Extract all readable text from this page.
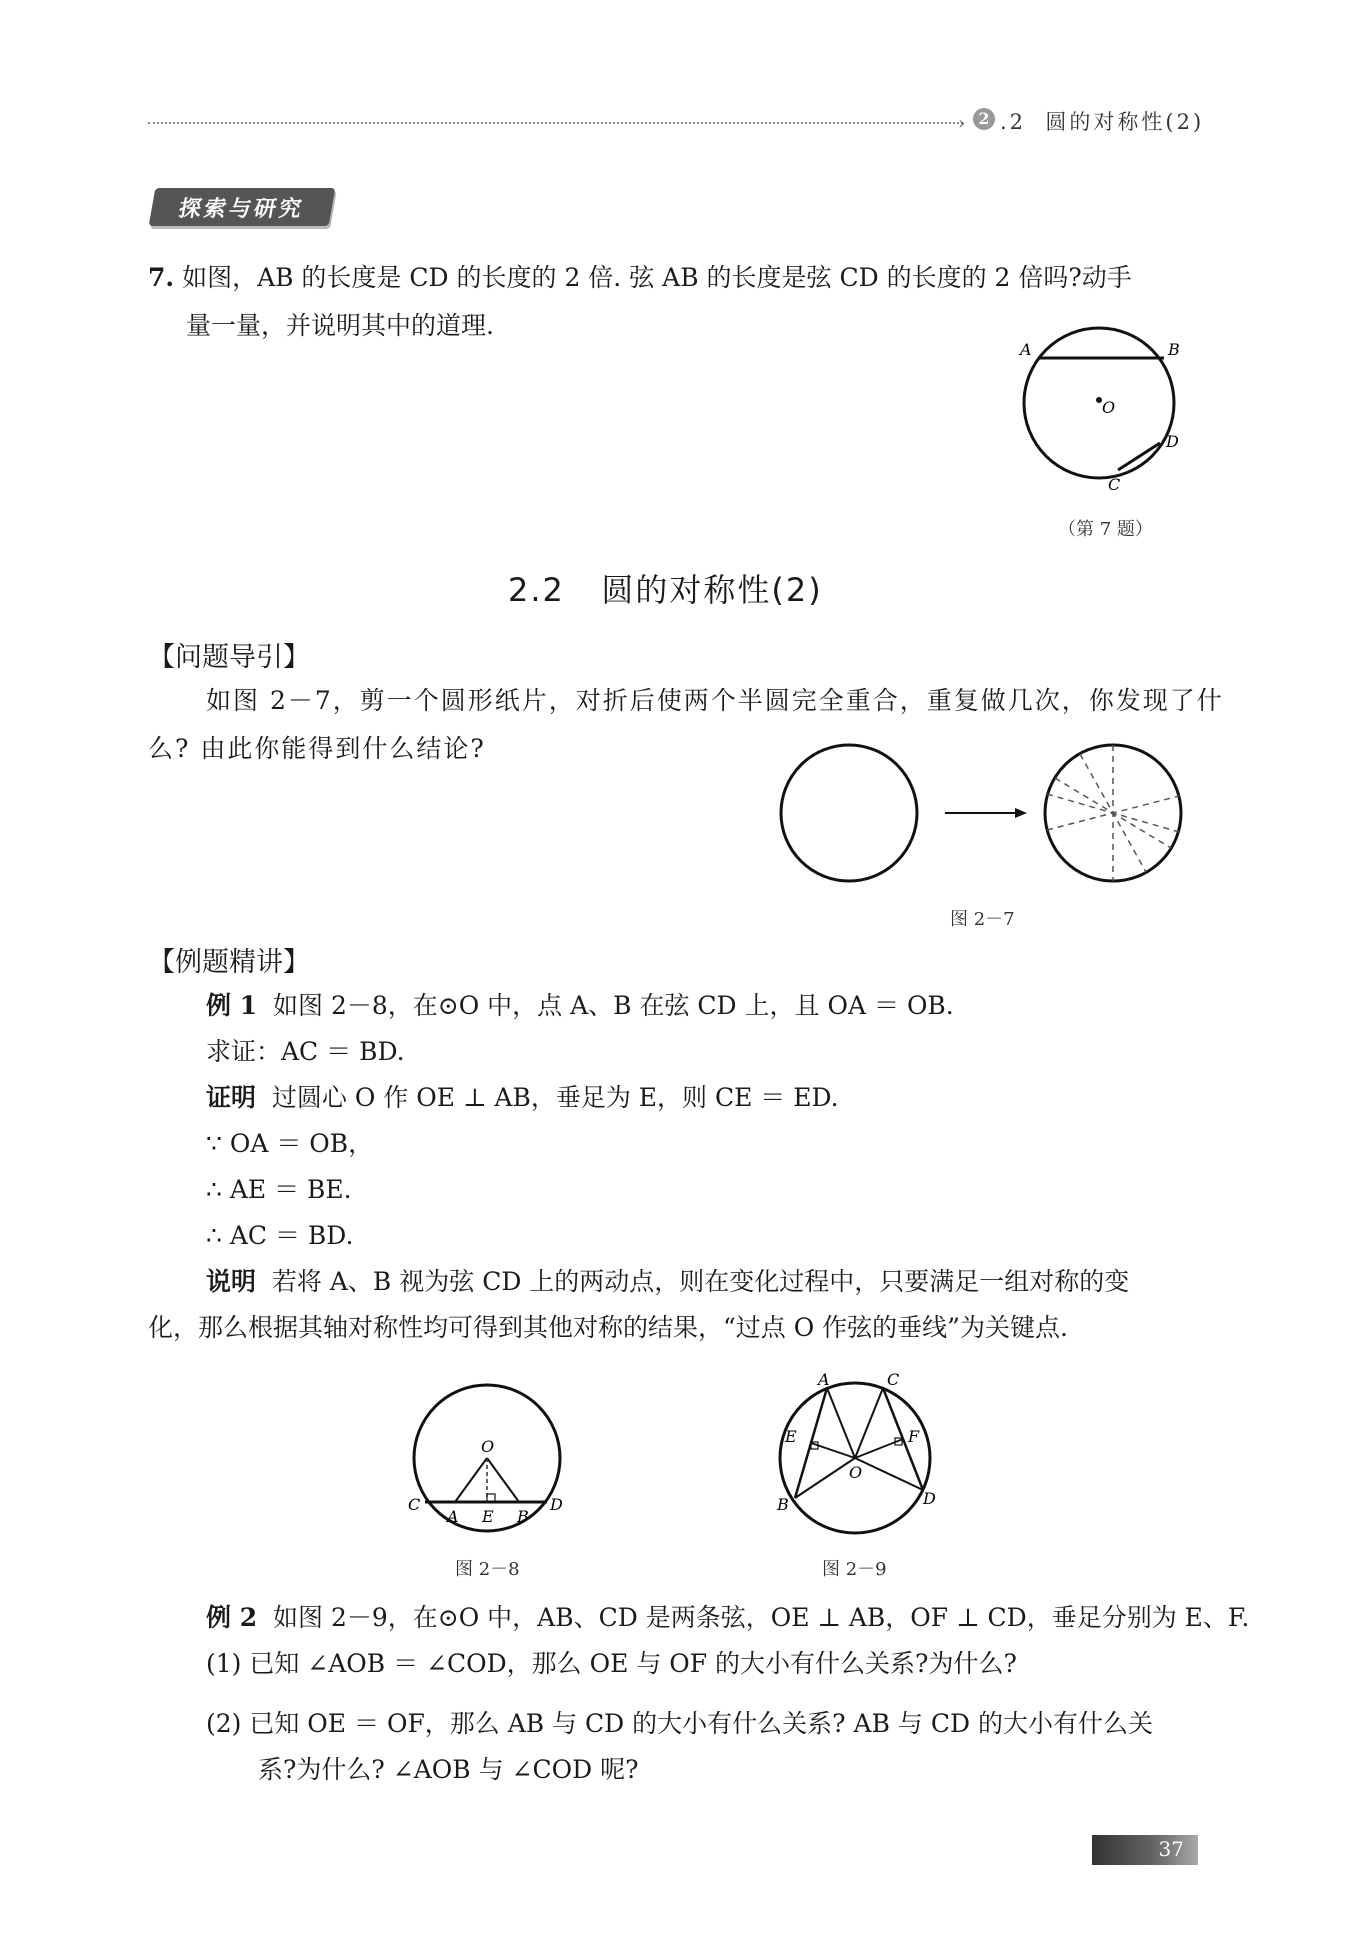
› 2 .2 圆的对称性(2)
探索与研究
7. 如图，AB 的长度是 CD 的长度的 2 倍. 弦 AB 的长度是弦 CD 的长度的 2 倍吗?动手
量一量，并说明其中的道理.
A	B
O
D
C
（第 7 题）
2.2 圆的对称性(2)
【问题导引】
如图 2－7，剪一个圆形纸片，对折后使两个半圆完全重合，重复做几次，你发现了什
么? 由此你能得到什么结论?
图 2－7
【例题精讲】
例 1 如图 2－8，在⊙O 中，点 A、B 在弦 CD 上，且 OA ＝ OB.
求证：AC ＝ BD.
证明 过圆心 O 作 OE ⊥ AB，垂足为 E，则 CE ＝ ED.
∵ OA ＝ OB，
∴ AE ＝ BE.
∴ AC ＝ BD.
说明 若将 A、B 视为弦 CD 上的两动点，则在变化过程中，只要满足一组对称的变
化，那么根据其轴对称性均可得到其他对称的结果，“过点 O 作弦的垂线”为关键点.
O
C
A E B
D
图 2－8
A	C
E	F
O
B	D
图 2－9
例 2 如图 2－9，在⊙O 中，AB、CD 是两条弦，OE ⊥ AB，OF ⊥ CD，垂足分别为 E、F.
(1) 已知 ∠AOB ＝ ∠COD，那么 OE 与 OF 的大小有什么关系?为什么?
(2) 已知 OE ＝ OF，那么 AB 与 CD 的大小有什么关系? AB 与 CD 的大小有什么关
系?为什么? ∠AOB 与 ∠COD 呢?
37
